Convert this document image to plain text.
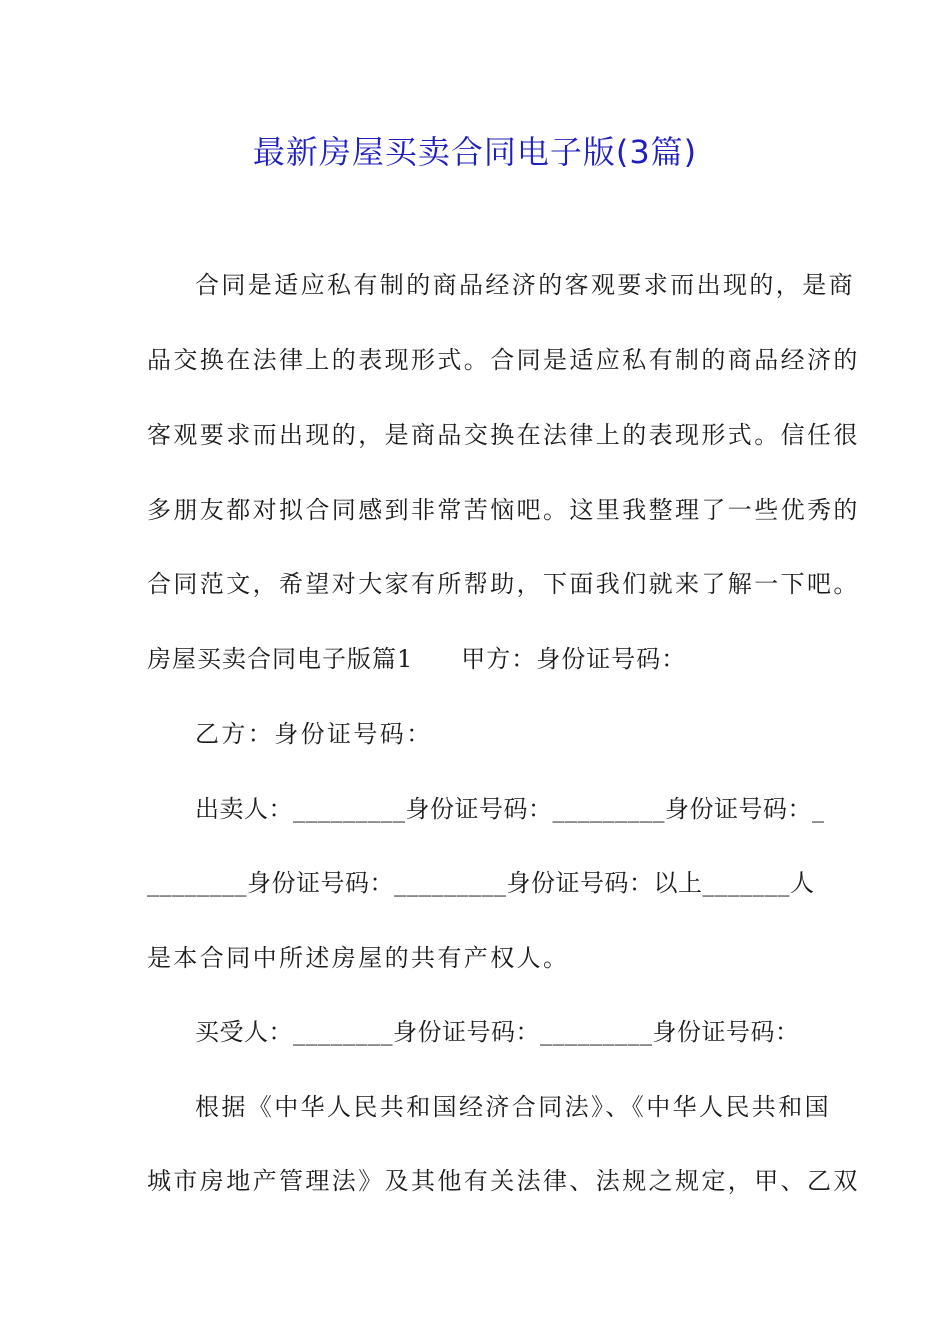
最新房屋买卖合同电子版(3篇)
合同是适应私有制的商品经济的客观要求而出现的，是商
品交换在法律上的表现形式。合同是适应私有制的商品经济的
客观要求而出现的，是商品交换在法律上的表现形式。信任很
多朋友都对拟合同感到非常苦恼吧。这里我整理了一些优秀的
合同范文，希望对大家有所帮助，下面我们就来了解一下吧。
房屋买卖合同电子版篇1 甲方：身份证号码：
乙方：身份证号码：
出卖人：_________身份证号码：_________身份证号码：_
________身份证号码：_________身份证号码：以上_______人
是本合同中所述房屋的共有产权人。
买受人：________身份证号码：_________身份证号码：
根据《中华人民共和国经济合同法》、《中华人民共和国
城市房地产管理法》及其他有关法律、法规之规定，甲、乙双
